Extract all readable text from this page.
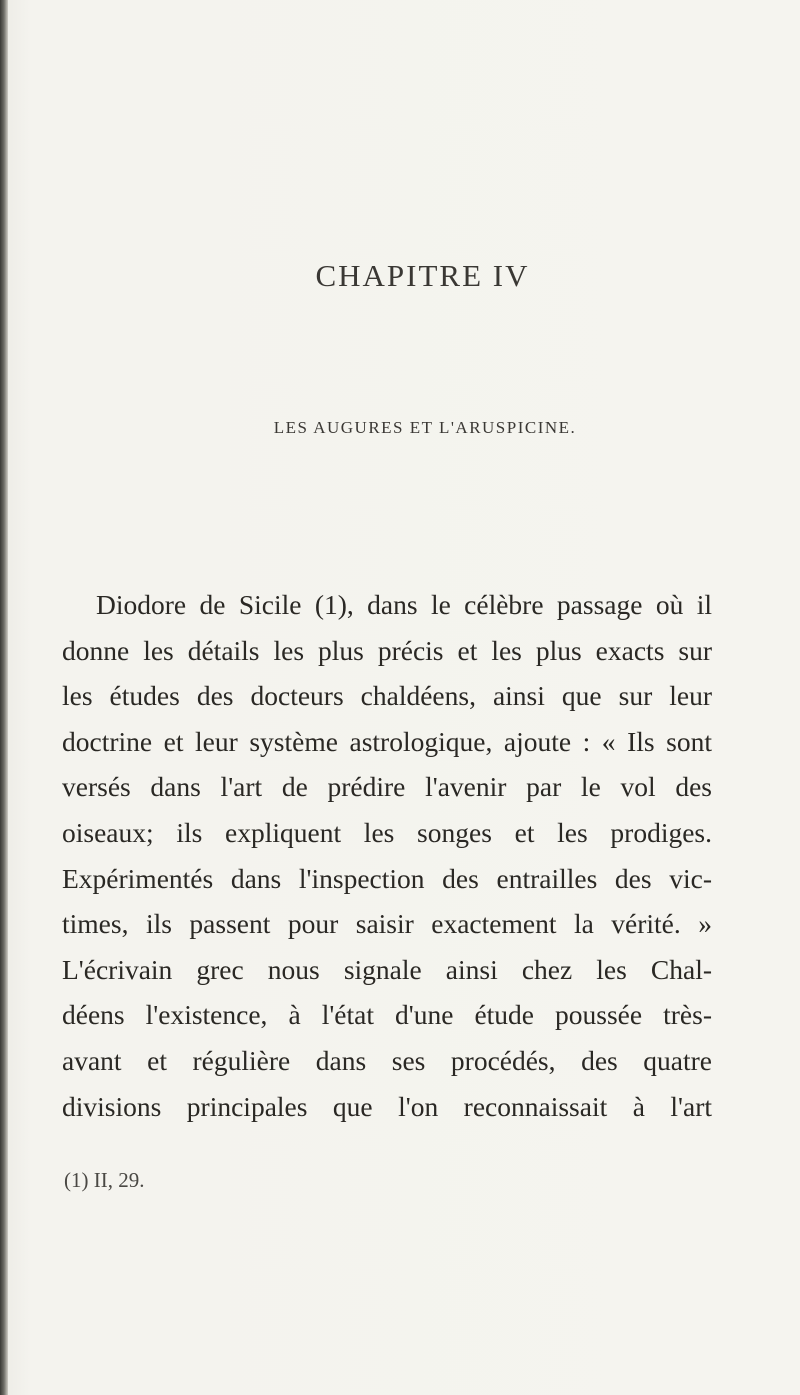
CHAPITRE IV
LES AUGURES ET L'ARUSPICINE.
Diodore de Sicile (1), dans le célèbre passage où il
donne les détails les plus précis et les plus exacts sur
les études des docteurs chaldéens, ainsi que sur leur
doctrine et leur système astrologique, ajoute : « Ils sont
versés dans l'art de prédire l'avenir par le vol des
oiseaux; ils expliquent les songes et les prodiges.
Expérimentés dans l'inspection des entrailles des vic-
times, ils passent pour saisir exactement la vérité. »
L'écrivain grec nous signale ainsi chez les Chal-
déens l'existence, à l'état d'une étude poussée très-
avant et régulière dans ses procédés, des quatre
divisions principales que l'on reconnaissait à l'art
(1) II, 29.
